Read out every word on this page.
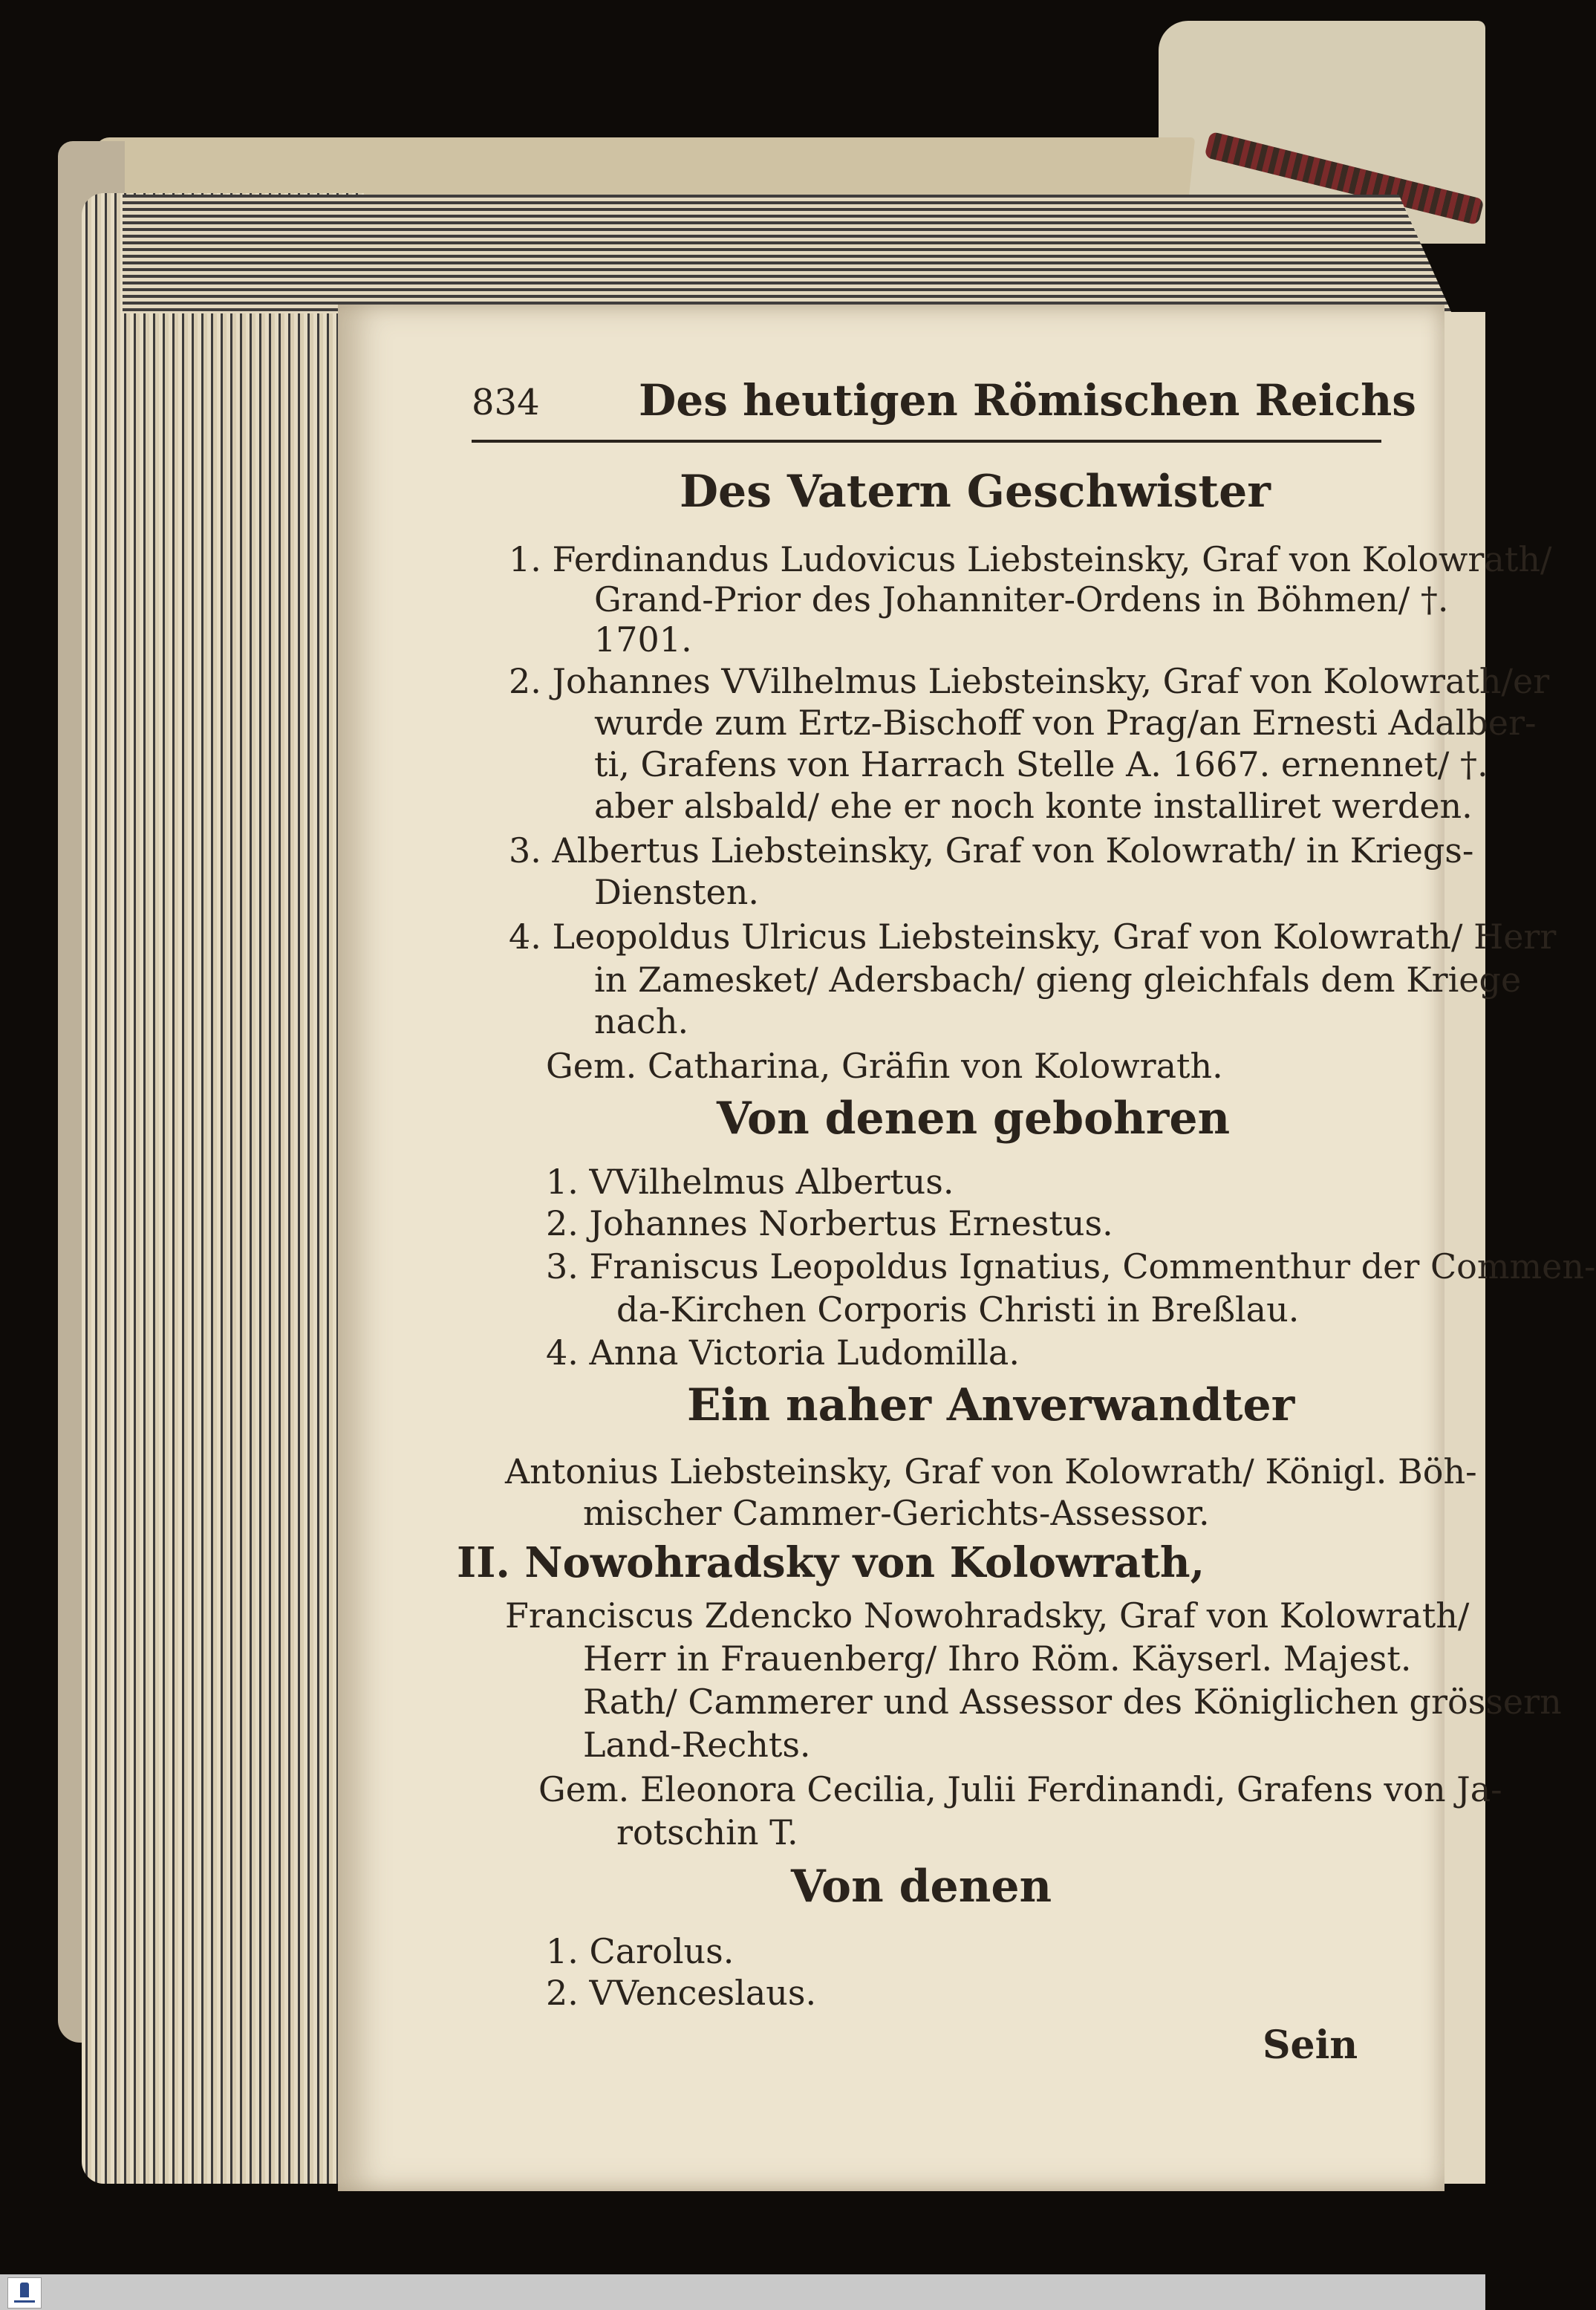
834 Des heutigen Römischen Reichs
Des Vatern Geschwister
1. Ferdinandus Ludovicus Liebsteinsky, Graf von Kolowrath/
Grand-Prior des Johanniter-Ordens in Böhmen/ †.
1701.
2. Johannes VVilhelmus Liebsteinsky, Graf von Kolowrath/er
wurde zum Ertz-Bischoff von Prag/an Ernesti Adalber-
ti, Grafens von Harrach Stelle A. 1667. ernennet/ †.
aber alsbald/ ehe er noch konte installiret werden.
3. Albertus Liebsteinsky, Graf von Kolowrath/ in Kriegs-
Diensten.
4. Leopoldus Ulricus Liebsteinsky, Graf von Kolowrath/ Herr
in Zamesket/ Adersbach/ gieng gleichfals dem Kriege
nach.
Gem. Catharina, Gräfin von Kolowrath.
Von denen gebohren
1. VVilhelmus Albertus.
2. Johannes Norbertus Ernestus.
3. Franiscus Leopoldus Ignatius, Commenthur der Commen-
da-Kirchen Corporis Christi in Breßlau.
4. Anna Victoria Ludomilla.
Ein naher Anverwandter
Antonius Liebsteinsky, Graf von Kolowrath/ Königl. Böh-
mischer Cammer-Gerichts-Assessor.
II. Nowohradsky von Kolowrath,
Franciscus Zdencko Nowohradsky, Graf von Kolowrath/
Herr in Frauenberg/ Ihro Röm. Käyserl. Majest.
Rath/ Cammerer und Assessor des Königlichen grössern
Land-Rechts.
Gem. Eleonora Cecilia, Julii Ferdinandi, Grafens von Ja-
rotschin T.
Von denen
1. Carolus.
2. VVenceslaus.
Sein
